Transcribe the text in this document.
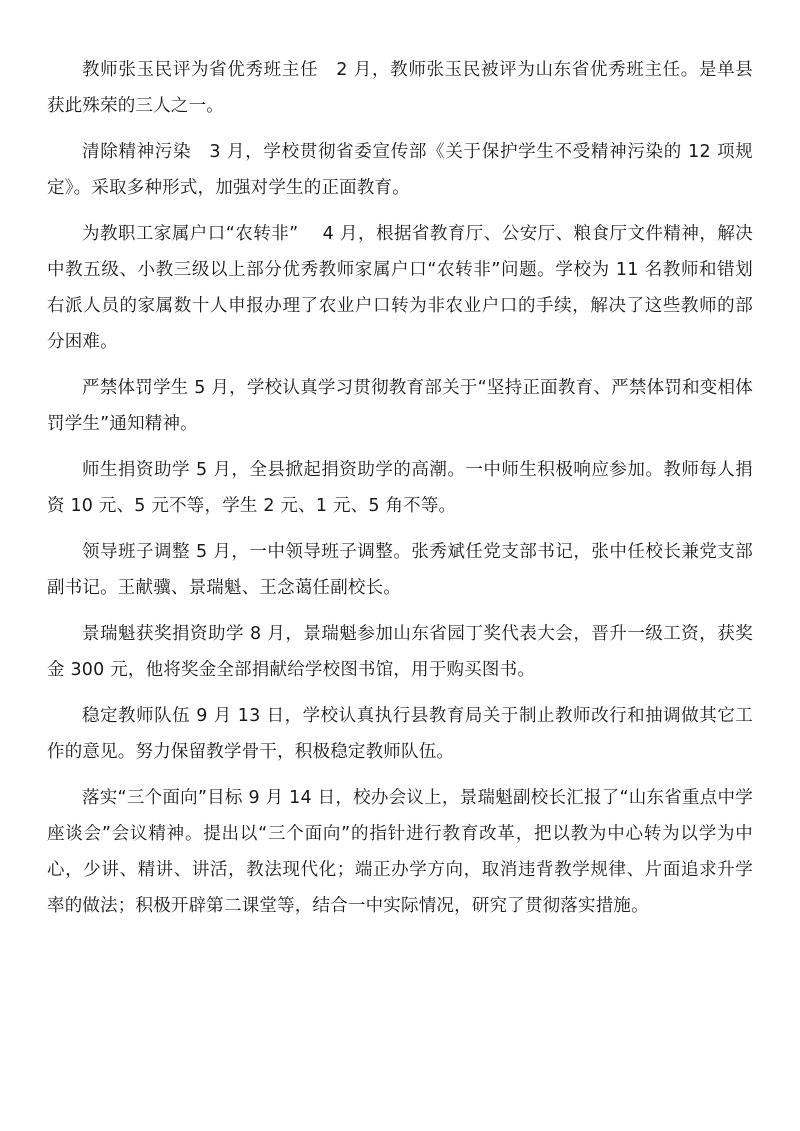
教师张玉民评为省优秀班主任　2 月，教师张玉民被评为山东省优秀班主任。是单县获此殊荣的三人之一。

清除精神污染　3 月，学校贯彻省委宣传部《关于保护学生不受精神污染的 12 项规定》。采取多种形式，加强对学生的正面教育。

为教职工家属户口“农转非”　 4 月，根据省教育厅、公安厅、粮食厅文件精神，解决中教五级、小教三级以上部分优秀教师家属户口“农转非”问题。学校为 11 名教师和错划右派人员的家属数十人申报办理了农业户口转为非农业户口的手续，解决了这些教师的部分困难。

严禁体罚学生 5 月，学校认真学习贯彻教育部关于“坚持正面教育、严禁体罚和变相体罚学生”通知精神。

师生捐资助学 5 月，全县掀起捐资助学的高潮。一中师生积极响应参加。教师每人捐资 10 元、5 元不等，学生 2 元、1 元、5 角不等。

领导班子调整 5 月，一中领导班子调整。张秀斌任党支部书记，张中任校长兼党支部副书记。王献骥、景瑞魁、王念蔼任副校长。

景瑞魁获奖捐资助学 8 月，景瑞魁参加山东省园丁奖代表大会，晋升一级工资，获奖金 300 元，他将奖金全部捐献给学校图书馆，用于购买图书。

稳定教师队伍 9 月 13 日，学校认真执行县教育局关于制止教师改行和抽调做其它工作的意见。努力保留教学骨干，积极稳定教师队伍。

落实“三个面向”目标 9 月 14 日，校办会议上，景瑞魁副校长汇报了“山东省重点中学座谈会”会议精神。提出以“三个面向”的指针进行教育改革，把以教为中心转为以学为中心，少讲、精讲、讲活，教法现代化；端正办学方向，取消违背教学规律、片面追求升学率的做法；积极开辟第二课堂等，结合一中实际情况，研究了贯彻落实措施。
